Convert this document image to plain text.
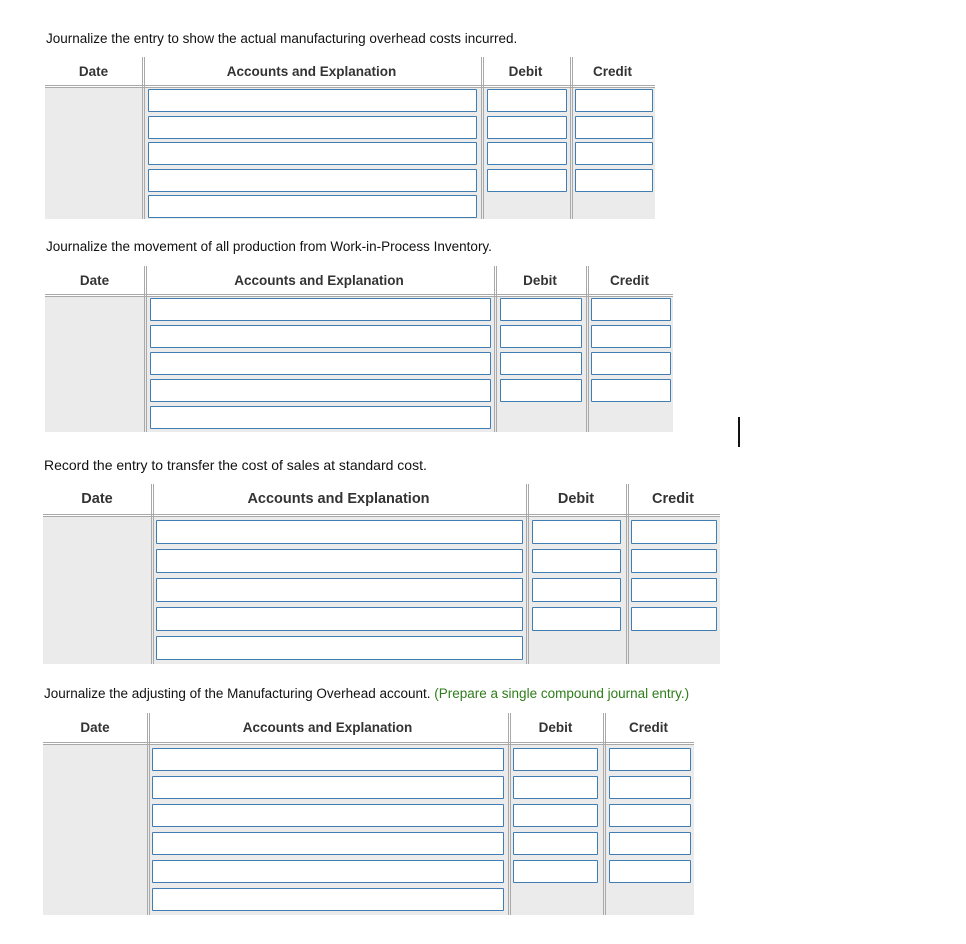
Journalize the entry to show the actual manufacturing overhead costs incurred.
Date	Accounts and Explanation	Debit	Credit
Journalize the movement of all production from Work-in-Process Inventory.
Date	Accounts and Explanation	Debit	Credit
Record the entry to transfer the cost of sales at standard cost.
Date	Accounts and Explanation	Debit	Credit
Journalize the adjusting of the Manufacturing Overhead account. (Prepare a single compound journal entry.)
Date	Accounts and Explanation	Debit	Credit
